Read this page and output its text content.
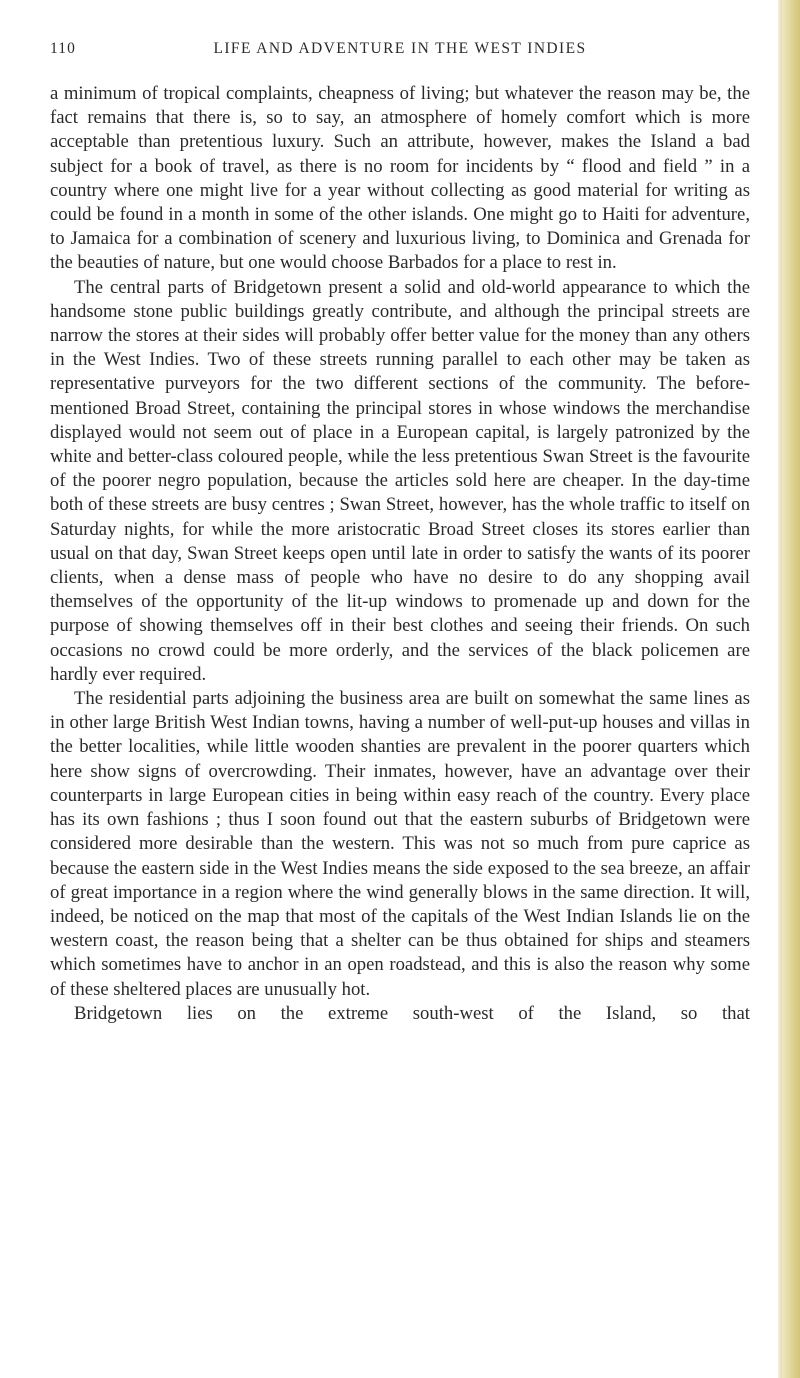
110	LIFE AND ADVENTURE IN THE WEST INDIES

a minimum of tropical complaints, cheapness of living; but whatever the reason may be, the fact remains that there is, so to say, an atmosphere of homely comfort which is more acceptable than pretentious luxury. Such an attribute, however, makes the Island a bad subject for a book of travel, as there is no room for incidents by “ flood and field ” in a country where one might live for a year without collecting as good material for writing as could be found in a month in some of the other islands. One might go to Haiti for adventure, to Jamaica for a combination of scenery and luxurious living, to Dominica and Grenada for the beauties of nature, but one would choose Barbados for a place to rest in.

The central parts of Bridgetown present a solid and old-world appearance to which the handsome stone public buildings greatly contribute, and although the principal streets are narrow the stores at their sides will probably offer better value for the money than any others in the West Indies. Two of these streets running parallel to each other may be taken as representative purveyors for the two different sections of the community. The before-mentioned Broad Street, containing the principal stores in whose windows the merchandise displayed would not seem out of place in a European capital, is largely patronized by the white and better-class coloured people, while the less pretentious Swan Street is the favourite of the poorer negro population, because the articles sold here are cheaper. In the day-time both of these streets are busy centres ; Swan Street, however, has the whole traffic to itself on Saturday nights, for while the more aristocratic Broad Street closes its stores earlier than usual on that day, Swan Street keeps open until late in order to satisfy the wants of its poorer clients, when a dense mass of people who have no desire to do any shopping avail themselves of the opportunity of the lit-up windows to promenade up and down for the purpose of showing themselves off in their best clothes and seeing their friends. On such occasions no crowd could be more orderly, and the services of the black policemen are hardly ever required.

The residential parts adjoining the business area are built on somewhat the same lines as in other large British West Indian towns, having a number of well-put-up houses and villas in the better localities, while little wooden shanties are prevalent in the poorer quarters which here show signs of overcrowding. Their inmates, however, have an advantage over their counterparts in large European cities in being within easy reach of the country. Every place has its own fashions ; thus I soon found out that the eastern suburbs of Bridgetown were considered more desirable than the western. This was not so much from pure caprice as because the eastern side in the West Indies means the side exposed to the sea breeze, an affair of great importance in a region where the wind generally blows in the same direction. It will, indeed, be noticed on the map that most of the capitals of the West Indian Islands lie on the western coast, the reason being that a shelter can be thus obtained for ships and steamers which sometimes have to anchor in an open roadstead, and this is also the reason why some of these sheltered places are unusually hot.

Bridgetown lies on the extreme south-west of the Island, so that
